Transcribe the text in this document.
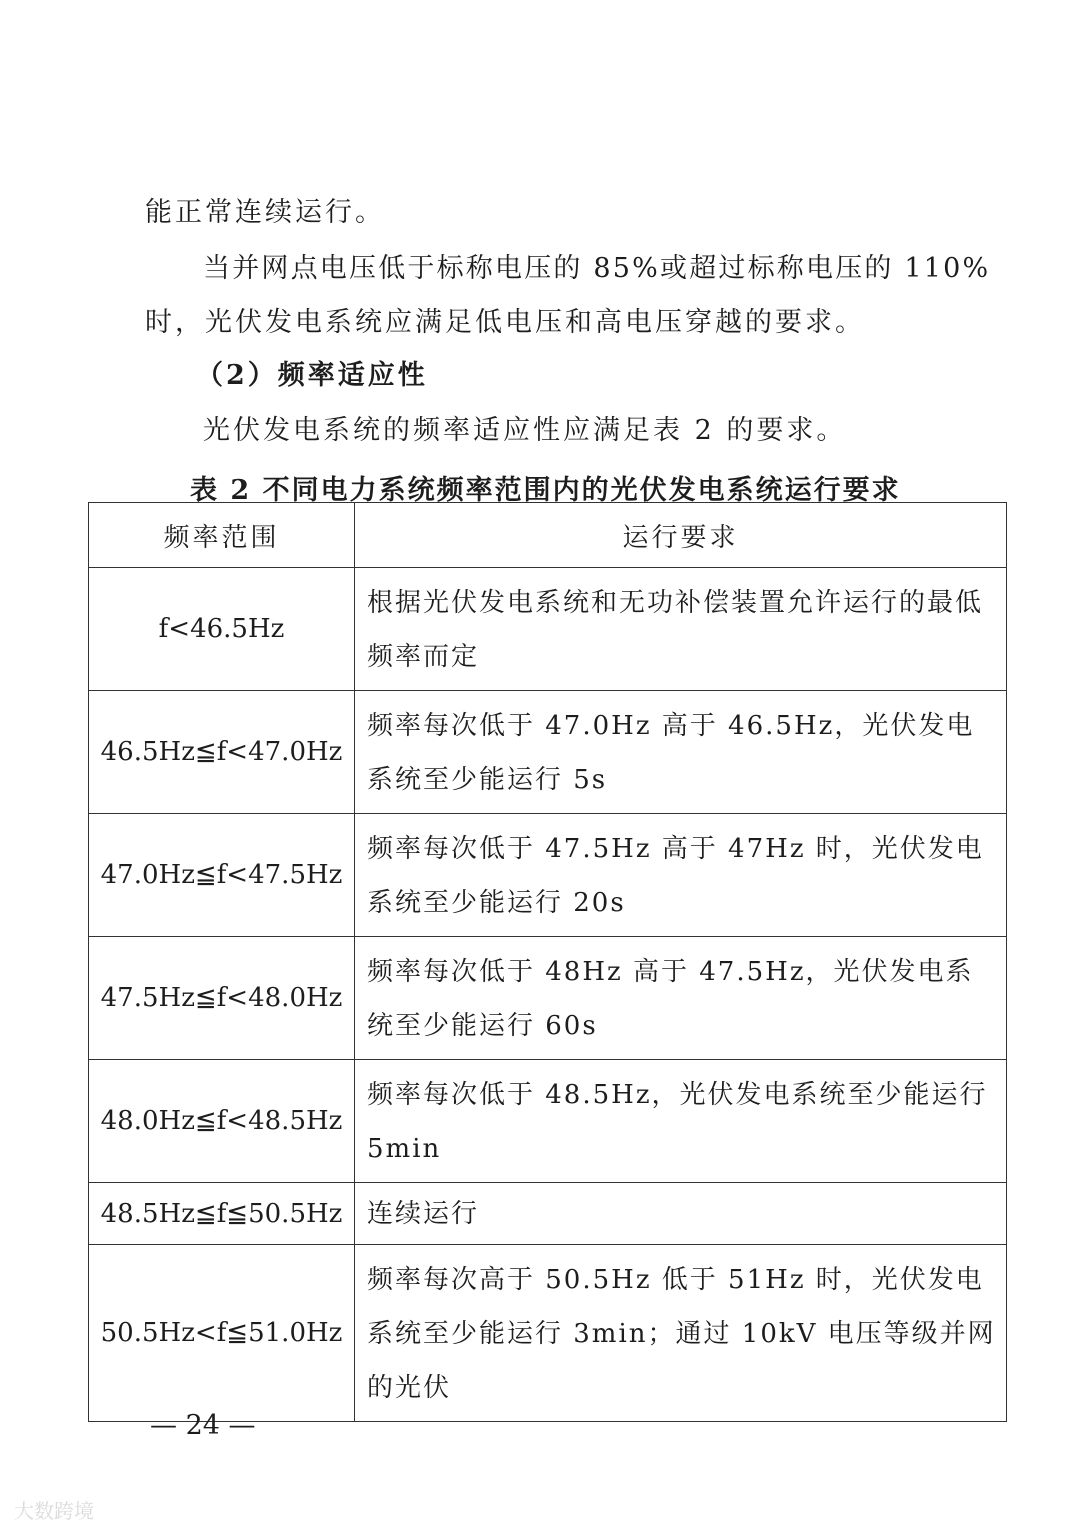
能正常连续运行。
当并网点电压低于标称电压的 85%或超过标称电压的 110%
时，光伏发电系统应满足低电压和高电压穿越的要求。
（2）频率适应性
光伏发电系统的频率适应性应满足表 2 的要求。
表 2 不同电力系统频率范围内的光伏发电系统运行要求
频率范围	运行要求
f<46.5Hz	根据光伏发电系统和无功补偿装置允许运行的最低频率而定
46.5Hz≦f<47.0Hz	频率每次低于 47.0Hz 高于 46.5Hz，光伏发电系统至少能运行 5s
47.0Hz≦f<47.5Hz	频率每次低于 47.5Hz 高于 47Hz 时，光伏发电系统至少能运行 20s
47.5Hz≦f<48.0Hz	频率每次低于 48Hz 高于 47.5Hz，光伏发电系统至少能运行 60s
48.0Hz≦f<48.5Hz	频率每次低于 48.5Hz，光伏发电系统至少能运行 5min
48.5Hz≦f≦50.5Hz	连续运行
50.5Hz<f≦51.0Hz	频率每次高于 50.5Hz 低于 51Hz 时，光伏发电系统至少能运行 3min；通过 10kV 电压等级并网的光伏
— 24 —
大数跨境
